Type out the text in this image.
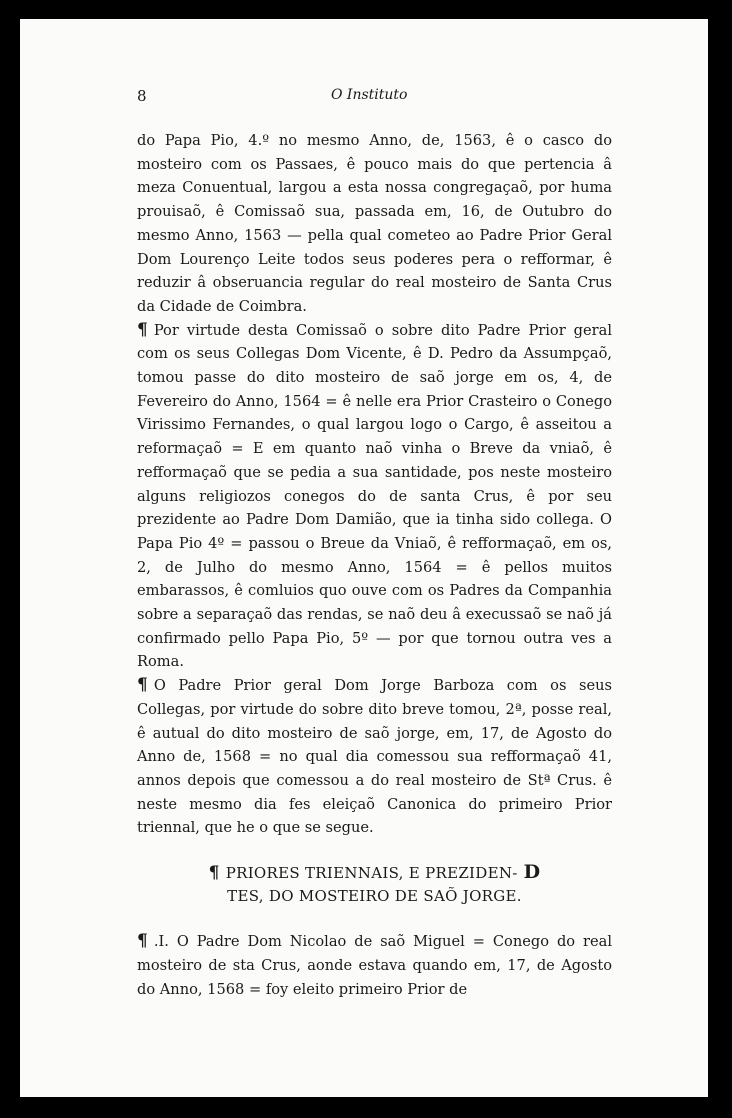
8	O Instituto

do Papa Pio, 4.º no mesmo Anno, de, 1563, ê o casco do mosteiro com os Passaes, ê pouco mais do que pertencia â meza Conuentual, largou a esta nossa congregaçaõ, por huma prouisaõ, ê Comissaõ sua, passada em, 16, de Outubro do mesmo Anno, 1563 — pella qual cometeo ao Padre Prior Geral Dom Lourenço Leite todos seus poderes pera o refformar, ê reduzir â obseruancia regular do real mosteiro de Santa Crus da Cidade de Coimbra.

¶ Por virtude desta Comissaõ o sobre dito Padre Prior geral com os seus Collegas Dom Vicente, ê D. Pedro da Assumpçaõ, tomou passe do dito mosteiro de saõ jorge em os, 4, de Fevereiro do Anno, 1564 = ê nelle era Prior Crasteiro o Conego Virissimo Fernandes, o qual largou logo o Cargo, ê asseitou a reformaçaõ = E em quanto naõ vinha o Breve da vniaõ, ê refformaçaõ que se pedia a sua santidade, pos neste mosteiro alguns religiozos conegos do de santa Crus, ê por seu prezidente ao Padre Dom Damião, que ia tinha sido collega. O Papa Pio 4º = passou o Breue da Vniaõ, ê refformaçaõ, em os, 2, de Julho do mesmo Anno, 1564 = ê pellos muitos embarassos, ê comluios quo ouve com os Padres da Companhia sobre a separaçaõ das rendas, se naõ deu â execussaõ se naõ já confirmado pello Papa Pio, 5º — por que tornou outra ves a Roma.

¶ O Padre Prior geral Dom Jorge Barboza com os seus Collegas, por virtude do sobre dito breve tomou, 2ª, posse real, ê autual do dito mosteiro de saõ jorge, em, 17, de Agosto do Anno de, 1568 = no qual dia comessou sua refformaçaõ 41, annos depois que comessou a do real mosteiro de Stª Crus. ê neste mesmo dia fes eleiçaõ Canonica do primeiro Prior triennal, que he o que se segue.

¶ PRIORES TRIENNAIS, E PREZIDEN- D
TES, DO MOSTEIRO DE SAÕ JORGE.

¶ .I. O Padre Dom Nicolao de saõ Miguel = Conego do real mosteiro de sta Crus, aonde estava quando em, 17, de Agosto do Anno, 1568 = foy eleito primeiro Prior de
